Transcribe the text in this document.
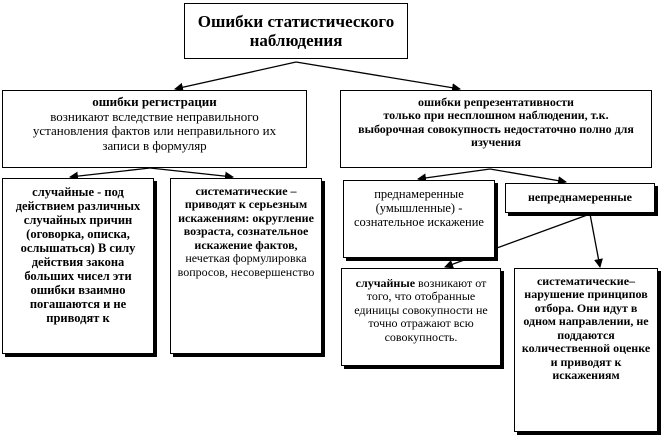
Ошибки статистического наблюдения
ошибки регистрации
возникают вследствие неправильного установления фактов или неправильного их записи в формуляр
ошибки репрезентативности
только при несплошном наблюдении, т.к. выборочная совокупность недостаточно полно для изучения
случайные - под действием различных случайных причин (оговорка, описка, ослышаться) В силу действия закона больших чисел эти ошибки взаимно погашаются и не приводят к
систематические – приводят к серьезным искажениям: округление возраста, сознательное искажение фактов, нечеткая формулировка вопросов, несовершенство
преднамеренные (умышленные) - сознательное искажение
непреднамеренные
случайные возникают от того, что отобранные единицы совокупности не точно отражают всю совокупность.
систематические– нарушение принципов отбора. Они идут в одном направлении, не поддаются количественной оценке и приводят к искажениям
